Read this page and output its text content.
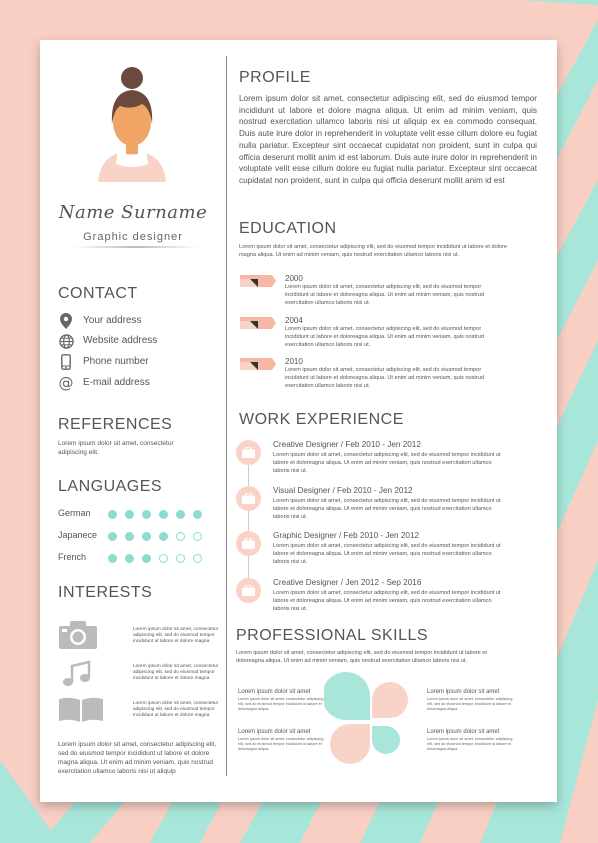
Name Surname
Graphic designer
CONTACT
Your address
Website address
Phone number
@ E-mail address
REFERENCES
Lorem ipsum dolor sit amet, consectetur adipiscing elit.
LANGUAGES
German
Japanece
French
INTERESTS
Lorem ipsum dolor sit amet, consectetur adipiscing elit, sed do eiusmod tempor incididunt ut labore et dolore magna
Lorem ipsum dolor sit amet, consectetur adipiscing elit, sed do eiusmod tempor incididunt ut labore et dolore magna
Lorem ipsum dolor sit amet, consectetur adipiscing elit, sed do eiusmod tempor incididunt ut labore et dolore magna
Lorem ipsum dolor sit amet, consectetur adipiscing elit, sed do eiusmod tempor incididunt ut labore et dolore magna aliqua. Ut enim ad minim veniam, quis nostrud exercitation ullamco laboris nisi ut aliquip
PROFILE
Lorem ipsum dolor sit amet, consectetur adipiscing elit, sed do eiusmod tempor incididunt ut labore et dolore magna aliqua. Ut enim ad minim veniam, quis nostrud exercitation ullamco laboris nisi ut aliquip ex ea commodo consequat. Duis aute irure dolor in reprehenderit in voluptate velit esse cillum dolore eu fugiat nulla pariatur. Excepteur sint occaecat cupidatat non proident, sunt in culpa qui officia deserunt mollit anim id est laborum. Duis aute irure dolor in reprehenderit in voluptate velit esse cillum dolore eu fugiat nulla pariatur. Excepteur sint occaecat cupidatat non proident, sunt in culpa qui officia deserunt mollit anim id est
EDUCATION
Lorem ipsum dolor sit amet, consectetur adipiscing elit, sed do eiusmod tempor incididunt ut labore et dolore magna aliqua. Ut enim ad minim veniam, quis nostrud exercitation ullamco laboris nisi ut.
2000
Lorem ipsum dolor sit amet, consectetur adipiscing elit, sed do eiusmod tempor incididunt ut labore et doloreagna aliqua. Ut enim ad minim veniam, quis nostrud exercitation ullamco laboris nisi ut.
2004
Lorem ipsum dolor sit amet, consectetur adipiscing elit, sed do eiusmod tempor incididunt ut labore et doloreagna aliqua. Ut enim ad minim veniam, quis nostrud exercitation ullamco laboris nisi ut.
2010
Lorem ipsum dolor sit amet, consectetur adipiscing elit, sed do eiusmod tempor incididunt ut labore et doloreagna aliqua. Ut enim ad minim veniam, quis nostrud exercitation ullamco laboris nisi ut.
WORK EXPERIENCE
Creative Designer / Feb 2010 - Jen 2012
Lorem ipsum dolor sit amet, consectetur adipiscing elit, sed do eiusmod tempor incididunt ut labore et doloreagna aliqua. Ut enim ad minim veniam, quis nostrud exercitation ullamco laboris nisi ut.
Visual Designer / Feb 2010 - Jen 2012
Lorem ipsum dolor sit amet, consectetur adipiscing elit, sed do eiusmod tempor incididunt ut labore et doloreagna aliqua. Ut enim ad minim veniam, quis nostrud exercitation ullamco laboris nisi ut.
Graphic Designer / Feb 2010 - Jen 2012
Lorem ipsum dolor sit amet, consectetur adipiscing elit, sed do eiusmod tempor incididunt ut labore et doloreagna aliqua. Ut enim ad minim veniam, quis nostrud exercitation ullamco laboris nisi ut.
Creative Designer / Jen 2012 - Sep 2016
Lorem ipsum dolor sit amet, consectetur adipiscing elit, sed do eiusmod tempor incididunt ut labore et doloreagna aliqua. Ut enim ad minim veniam, quis nostrud exercitation ullamco laboris nisi ut.
PROFESSIONAL SKILLS
Lorem ipsum dolor sit amet, consectetur adipiscing elit, sed do eiusmod tempor incididunt ut labore et doloreagna aliqua. Ut enim ad minim veniam, quis nostrud exercitation ullamco laboris nisi ut.
Lorem ipsum dolor sit amet
Lorem ipsum dolor sit amet, consectetur adipiscing elit, sed do eiusmod tempor incididunt ut labore et doloreagna aliqua.
Lorem ipsum dolor sit amet
Lorem ipsum dolor sit amet, consectetur adipiscing elit, sed do eiusmod tempor incididunt ut labore et doloreagna aliqua.
Lorem ipsum dolor sit amet
Lorem ipsum dolor sit amet, consectetur adipiscing elit, sed do eiusmod tempor incididunt ut labore et doloreagna aliqua.
Lorem ipsum dolor sit amet
Lorem ipsum dolor sit amet, consectetur adipiscing elit, sed do eiusmod tempor incididunt ut labore et doloreagna aliqua.
